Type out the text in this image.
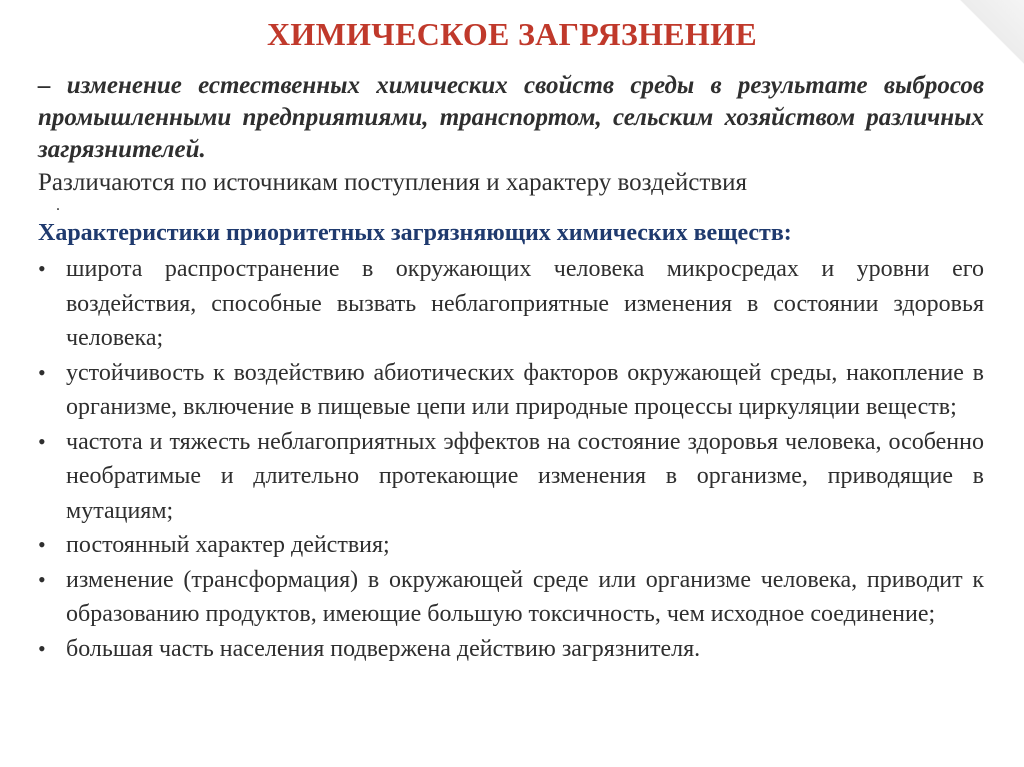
ХИМИЧЕСКОЕ ЗАГРЯЗНЕНИЕ

– изменение естественных химических свойств среды в результате выбросов промышленными предприятиями, транспортом, сельским хозяйством различных загрязнителей.

Различаются по источникам поступления и характеру воздействия

.

Характеристики приоритетных загрязняющих химических веществ:

• широта распространение в окружающих человека микросредах и уровни его воздействия, способные вызвать неблагоприятные изменения в состоянии здоровья человека;
• устойчивость к воздействию абиотических факторов окружающей среды, накопление в организме, включение в пищевые цепи или природные процессы циркуляции веществ;
• частота и тяжесть неблагоприятных эффектов на состояние здоровья человека, особенно необратимые и длительно протекающие изменения в организме, приводящие в мутациям;
• постоянный характер действия;
• изменение (трансформация) в окружающей среде или организме человека, приводит к образованию продуктов, имеющие большую токсичность, чем исходное соединение;
• большая часть населения подвержена действию загрязнителя.
